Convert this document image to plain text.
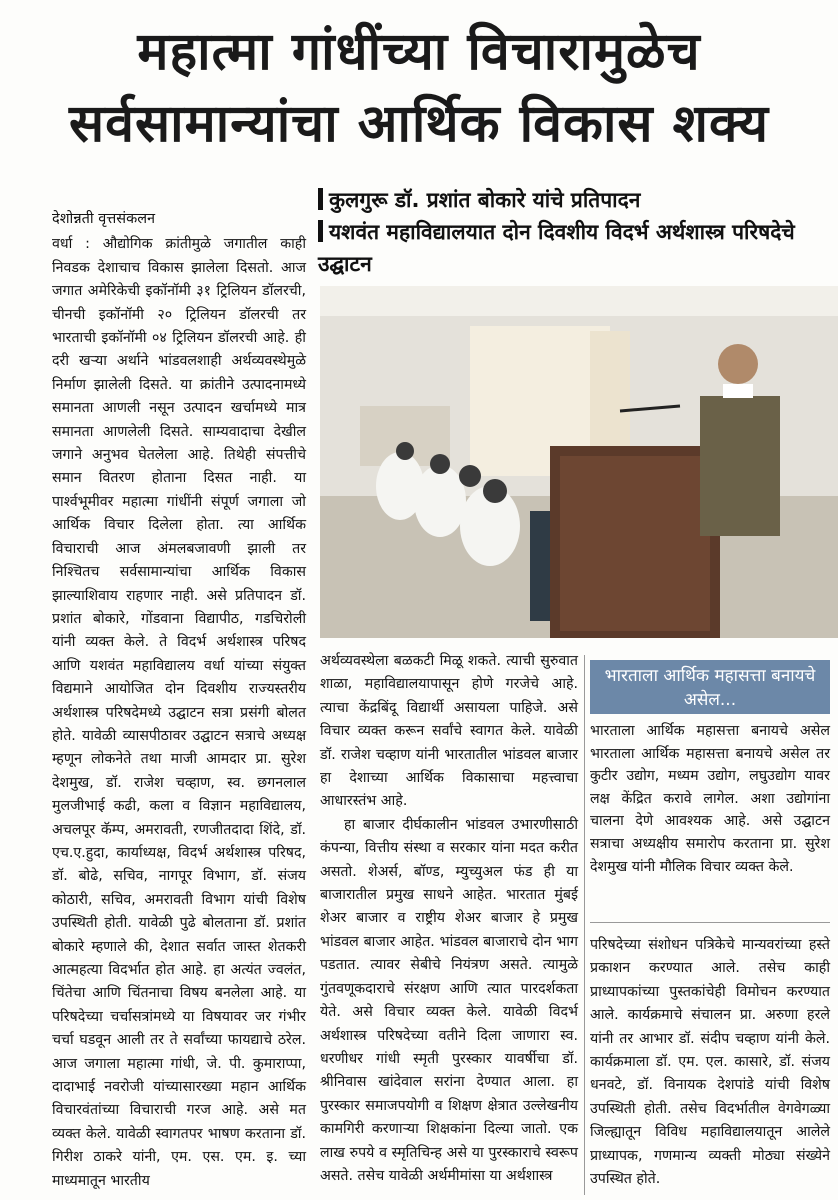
महात्मा गांधींच्या विचारामुळेच
सर्वसामान्यांचा आर्थिक विकास शक्य
कुलगुरू डॉ. प्रशांत बोकारे यांचे प्रतिपादन
यशवंत महाविद्यालयात दोन दिवशीय विदर्भ अर्थशास्त्र परिषदेचे उद्घाटन
देशोन्नती वृत्तसंकलन

वर्धा : औद्योगिक क्रांतीमुळे जगातील काही निवडक देशाचाच विकास झालेला दिसतो. आज जगात अमेरिकेची इकॉनॉमी ३१ ट्रिलियन डॉलरची, चीनची इकॉनॉमी २० ट्रिलियन डॉलरची तर भारताची इकॉनॉमी ०४ ट्रिलियन डॉलरची आहे. ही दरी खऱ्या अर्थाने भांडवलशाही अर्थव्यवस्थेमुळे निर्माण झालेली दिसते. या क्रांतीने उत्पादनामध्ये समानता आणली नसून उत्पादन खर्चामध्ये मात्र समानता आणलेली दिसते. साम्यवादाचा देखील जगाने अनुभव घेतलेला आहे. तिथेही संपत्तीचे समान वितरण होताना दिसत नाही. या पार्श्वभूमीवर महात्मा गांधींनी संपूर्ण जगाला जो आर्थिक विचार दिलेला होता. त्या आर्थिक विचाराची आज अंमलबजावणी झाली तर निश्चितच सर्वसामान्यांचा आर्थिक विकास झाल्याशिवाय राहणार नाही. असे प्रतिपादन डॉ. प्रशांत बोकारे, गोंडवाना विद्यापीठ, गडचिरोली यांनी व्यक्त केले. ते विदर्भ अर्थशास्त्र परिषद आणि यशवंत महाविद्यालय वर्धा यांच्या संयुक्त विद्यमाने आयोजित दोन दिवशीय राज्यस्तरीय अर्थशास्त्र परिषदेमध्ये उद्घाटन सत्रा प्रसंगी बोलत होते. यावेळी व्यासपीठावर उद्घाटन सत्राचे अध्यक्ष म्हणून लोकनेते तथा माजी आमदार प्रा. सुरेश देशमुख, डॉ. राजेश चव्हाण, स्व. छगनलाल मुलजीभाई कढी, कला व विज्ञान महाविद्यालय, अचलपूर कॅम्प, अमरावती, रणजीतदादा शिंदे, डॉ. एच.ए.हुदा, कार्याध्यक्ष, विदर्भ अर्थशास्त्र परिषद, डॉ. बोढे, सचिव, नागपूर विभाग, डॉ. संजय कोठारी, सचिव, अमरावती विभाग यांची विशेष उपस्थिती होती. यावेळी पुढे बोलताना डॉ. प्रशांत बोकारे म्हणाले की, देशात सर्वात जास्त शेतकरी आत्महत्या विदर्भात होत आहे. हा अत्यंत ज्वलंत, चिंतेचा आणि चिंतनाचा विषय बनलेला आहे. या परिषदेच्या चर्चासत्रांमध्ये या विषयावर जर गंभीर चर्चा घडवून आली तर ते सर्वांच्या फायद्याचे ठरेल. आज जगाला महात्मा गांधी, जे. पी. कुमाराप्पा, दादाभाई नवरोजी यांच्यासारख्या महान आर्थिक विचारवंतांच्या विचाराची गरज आहे. असे मत व्यक्त केले. यावेळी स्वागतपर भाषण करताना डॉ. गिरीश ठाकरे यांनी, एम. एस. एम. इ. च्या माध्यमातून भारतीय

अर्थव्यवस्थेला बळकटी मिळू शकते. त्याची सुरुवात शाळा, महाविद्यालयापासून होणे गरजेचे आहे. त्याचा केंद्रबिंदू विद्यार्थी असायला पाहिजे. असे विचार व्यक्त करून सर्वांचे स्वागत केले. यावेळी डॉ. राजेश चव्हाण यांनी भारतातील भांडवल बाजार हा देशाच्या आर्थिक विकासाचा महत्त्वाचा आधारस्तंभ आहे.

हा बाजार दीर्घकालीन भांडवल उभारणीसाठी कंपन्या, वित्तीय संस्था व सरकार यांना मदत करीत असतो. शेअर्स, बॉण्ड, म्युच्युअल फंड ही या बाजारातील प्रमुख साधने आहेत. भारतात मुंबई शेअर बाजार व राष्ट्रीय शेअर बाजार हे प्रमुख भांडवल बाजार आहेत. भांडवल बाजाराचे दोन भाग पडतात. त्यावर सेबीचे नियंत्रण असते. त्यामुळे गुंतवणूकदाराचे संरक्षण आणि त्यात पारदर्शकता येते. असे विचार व्यक्त केले. यावेळी विदर्भ अर्थशास्त्र परिषदेच्या वतीने दिला जाणारा स्व. धरणीधर गांधी स्मृती पुरस्कार यावर्षीचा डॉ. श्रीनिवास खांदेवाल सरांना देण्यात आला. हा पुरस्कार समाजपयोगी व शिक्षण क्षेत्रात उल्लेखनीय कामगिरी करणाऱ्या शिक्षकांना दिल्या जातो. एक लाख रुपये व स्मृतिचिन्ह असे या पुरस्काराचे स्वरूप असते. तसेच यावेळी अर्थमीमांसा या अर्थशास्त्र

भारताला आर्थिक महासत्ता बनायचे असेल...
भारताला आर्थिक महासत्ता बनायचे असेल भारताला आर्थिक महासत्ता बनायचे असेल तर कुटीर उद्योग, मध्यम उद्योग, लघुउद्योग यावर लक्ष केंद्रित करावे लागेल. अशा उद्योगांना चालना देणे आवश्यक आहे. असे उद्घाटन सत्राचा अध्यक्षीय समारोप करताना प्रा. सुरेश देशमुख यांनी मौलिक विचार व्यक्त केले.

परिषदेच्या संशोधन पत्रिकेचे मान्यवरांच्या हस्ते प्रकाशन करण्यात आले. तसेच काही प्राध्यापकांच्या पुस्तकांचेही विमोचन करण्यात आले. कार्यक्रमाचे संचालन प्रा. अरुणा हरले यांनी तर आभार डॉ. संदीप चव्हाण यांनी केले. कार्यक्रमाला डॉ. एम. एल. कासारे, डॉ. संजय धनवटे, डॉ. विनायक देशपांडे यांची विशेष उपस्थिती होती. तसेच विदर्भातील वेगवेगळ्या जिल्ह्यातून विविध महाविद्यालयातून आलेले प्राध्यापक, गणमान्य व्यक्ती मोठ्या संख्येने उपस्थित होते.
